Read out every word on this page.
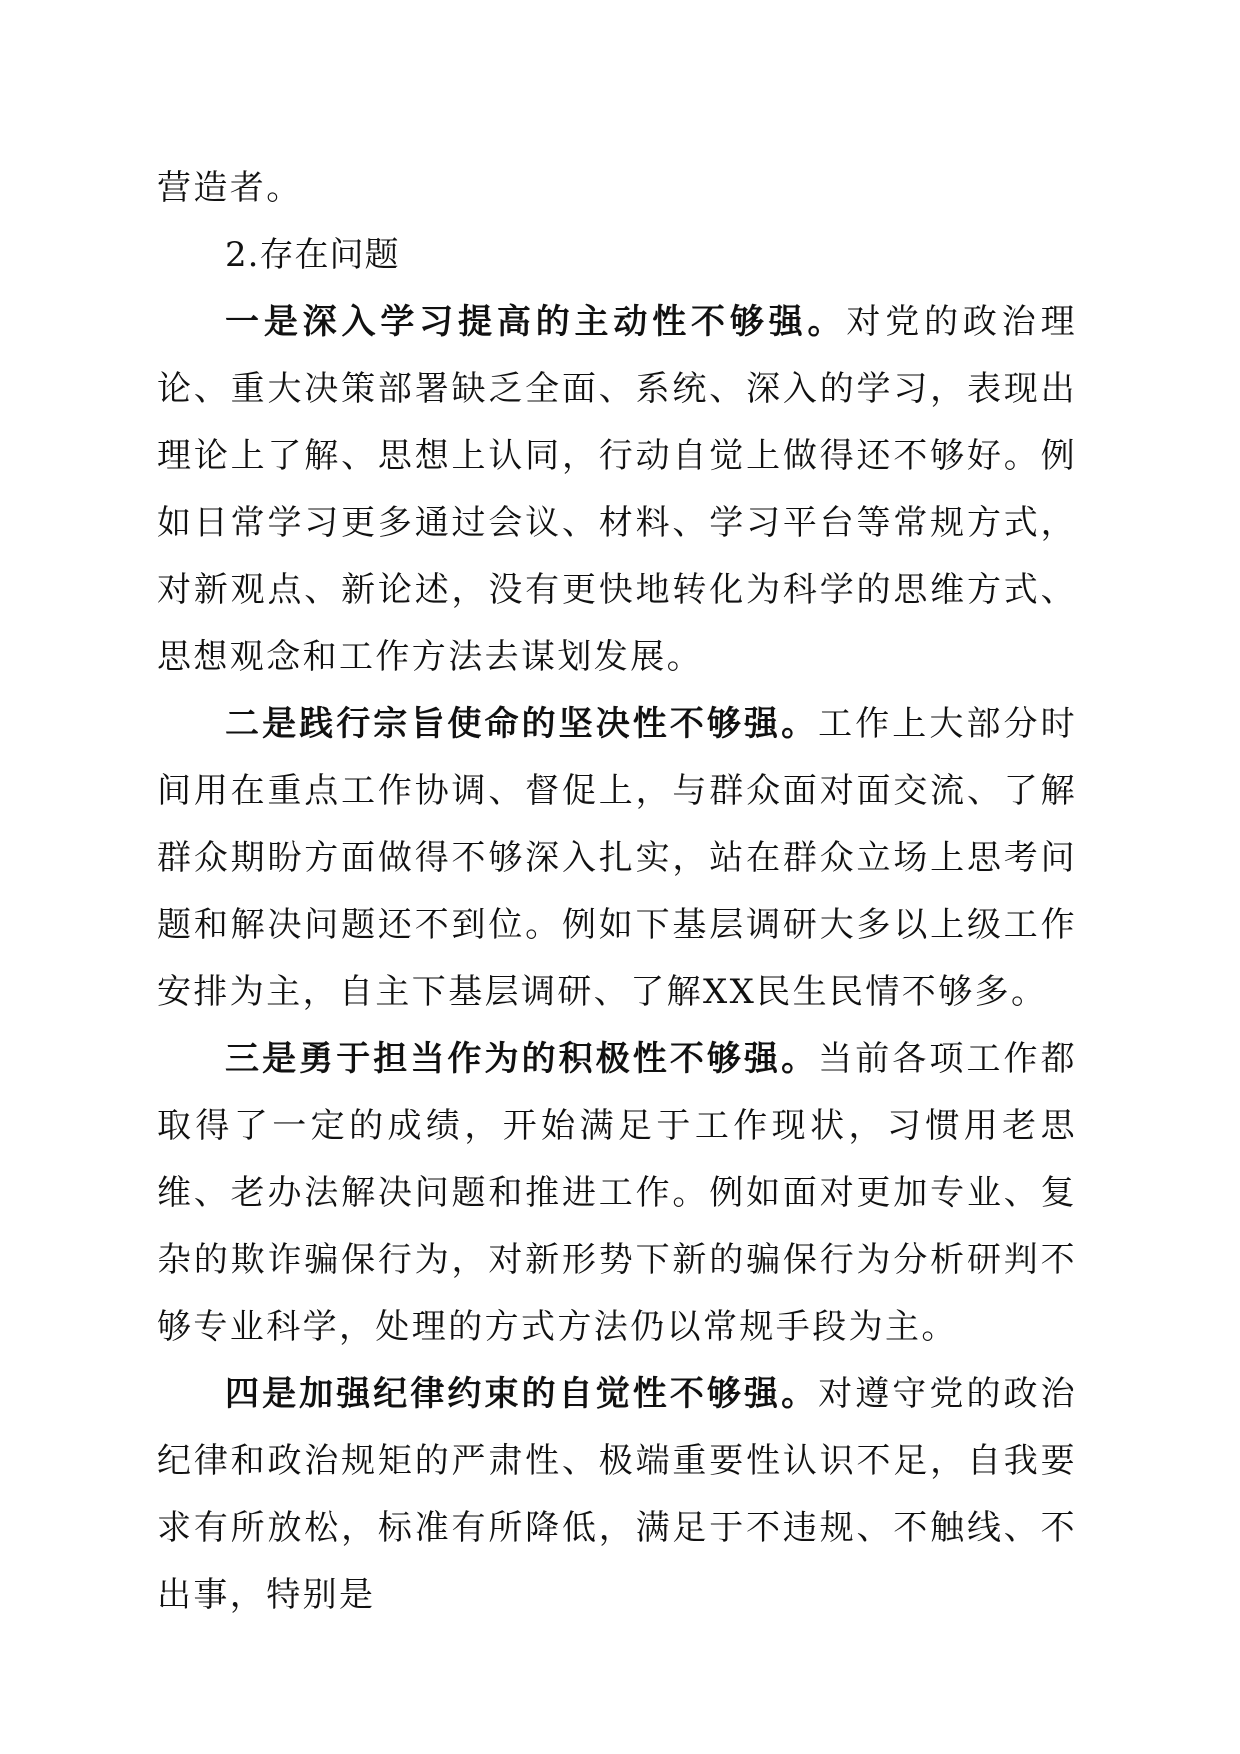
营造者。

2.存在问题

一是深入学习提高的主动性不够强。对党的政治理论、重大决策部署缺乏全面、系统、深入的学习，表现出理论上了解、思想上认同，行动自觉上做得还不够好。例如日常学习更多通过会议、材料、学习平台等常规方式，对新观点、新论述，没有更快地转化为科学的思维方式、思想观念和工作方法去谋划发展。

二是践行宗旨使命的坚决性不够强。工作上大部分时间用在重点工作协调、督促上，与群众面对面交流、了解群众期盼方面做得不够深入扎实，站在群众立场上思考问题和解决问题还不到位。例如下基层调研大多以上级工作安排为主，自主下基层调研、了解XX民生民情不够多。

三是勇于担当作为的积极性不够强。当前各项工作都取得了一定的成绩，开始满足于工作现状，习惯用老思维、老办法解决问题和推进工作。例如面对更加专业、复杂的欺诈骗保行为，对新形势下新的骗保行为分析研判不够专业科学，处理的方式方法仍以常规手段为主。

四是加强纪律约束的自觉性不够强。对遵守党的政治纪律和政治规矩的严肃性、极端重要性认识不足，自我要求有所放松，标准有所降低，满足于不违规、不触线、不出事，特别是
